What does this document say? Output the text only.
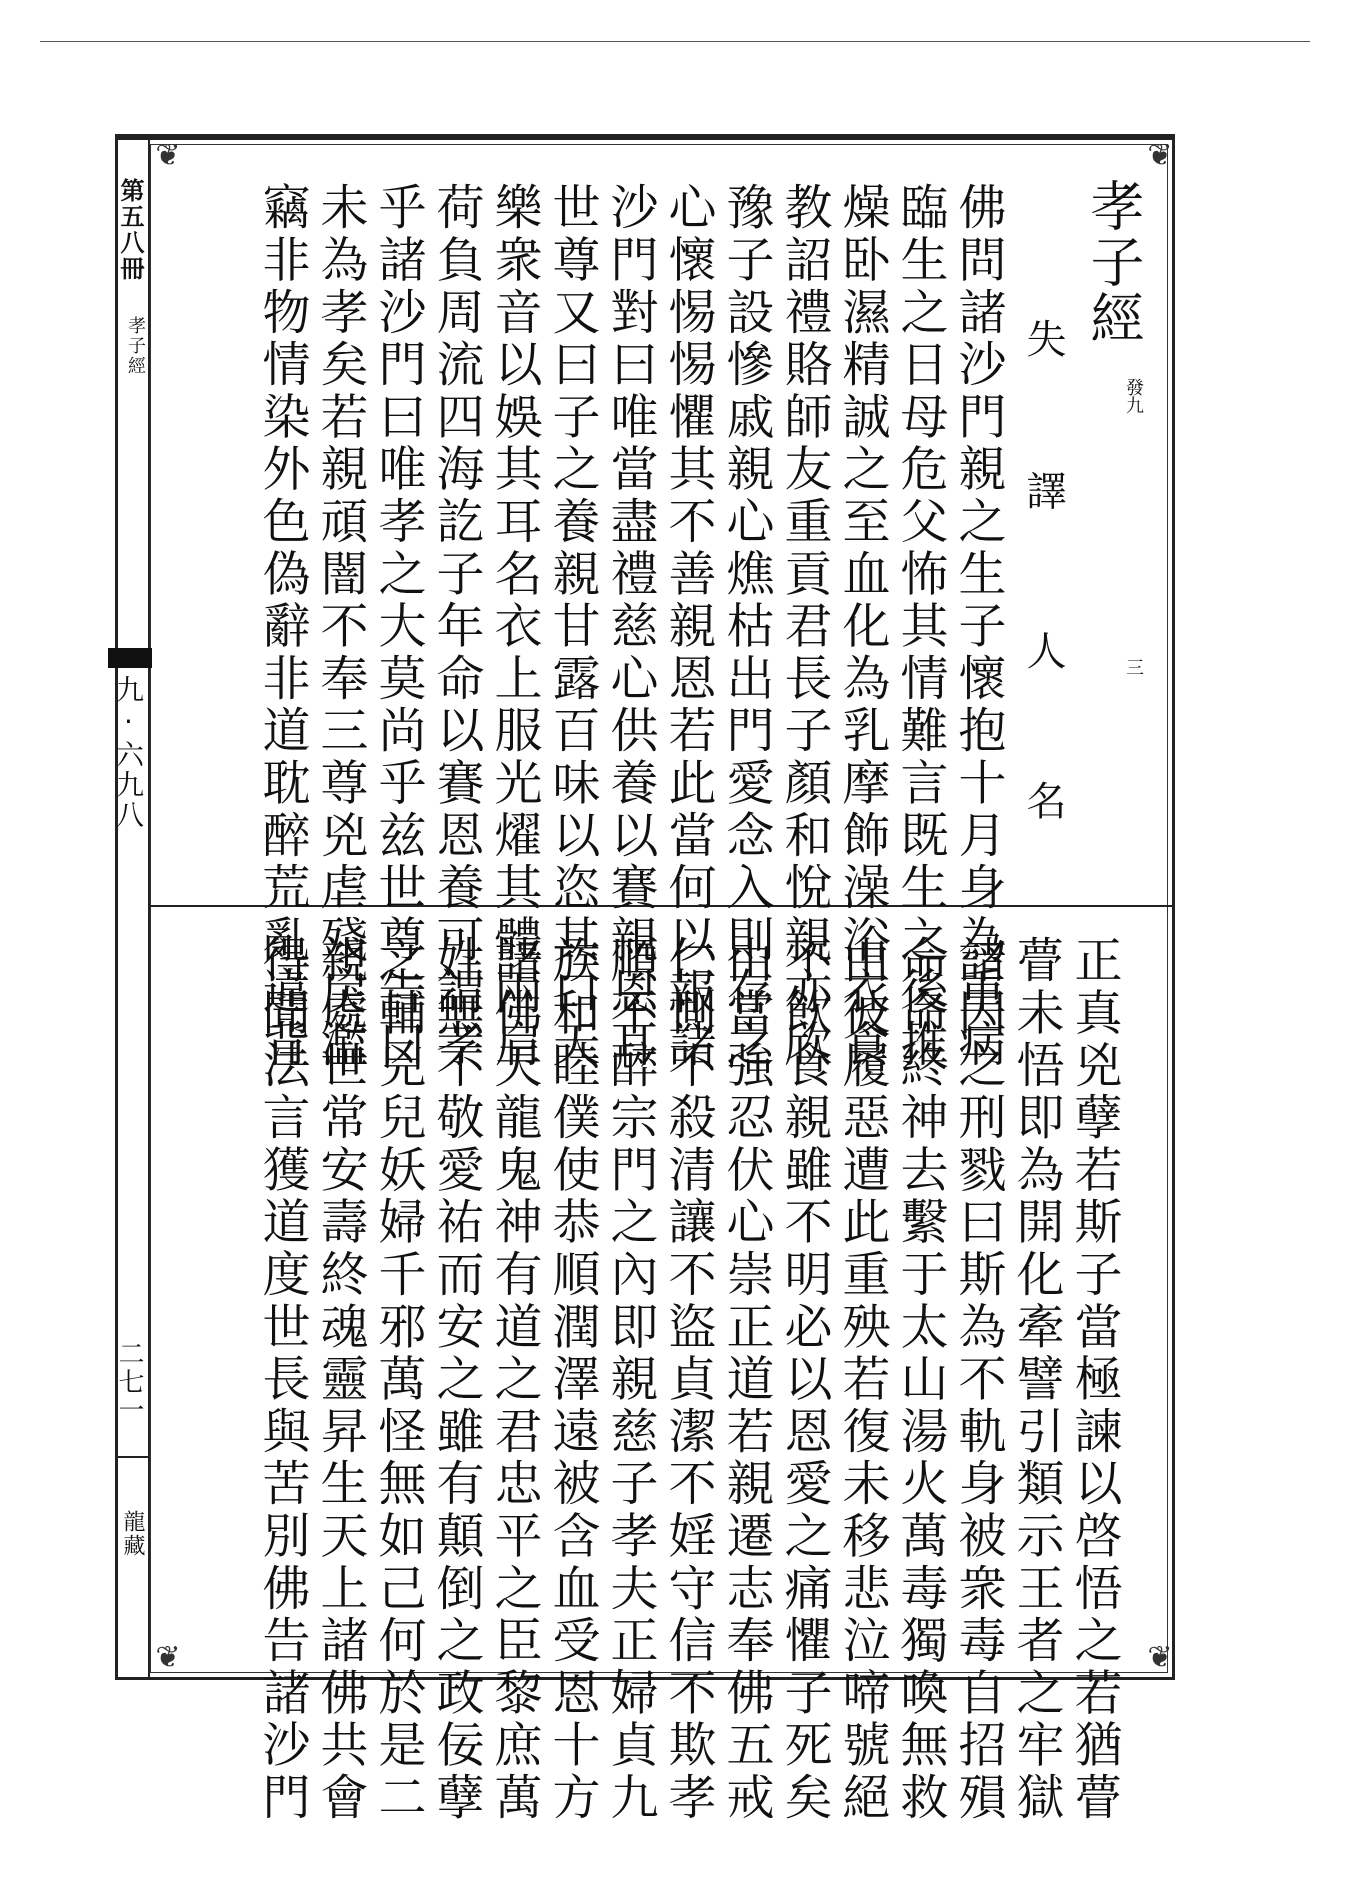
❦
❦
❦
❦
第五八冊
孝子經
九·六九八
二七一
龍藏
孝子經
失
譯
人
名
發九
三
佛問諸沙門親之生子懷抱十月身為重病
臨生之日母危父怖其情難言既生之後推
燥卧濕精誠之至血化為乳摩飾澡浴衣食
教詔禮賂師友重貢君長子顏和悅親亦欣
豫子設慘戚親心燋枯出門愛念入則存之
心懷惕惕懼其不善親恩若此當何以報諸
沙門對曰唯當盡禮慈心供養以賽親恩耳
世尊又曰子之養親甘露百味以恣其口天
樂衆音以娛其耳名衣上服光燿其體兩肩
荷負周流四海訖子年命以賽恩養可謂孝
乎諸沙門曰唯孝之大莫尚乎兹世尊告曰
未為孝矣若親頑闇不奉三尊兇虐殘戾濫
竊非物情染外色偽辭非道耽醉荒亂違背
正真兇孽若斯子當極諫以啓悟之若猶瞢
瞢未悟即為開化牽譬引類示王者之牢獄
諸囚之刑戮曰斯為不軌身被衆毒自招殞
命命終神去繫于太山湯火萬毒獨喚無救
由彼履惡遭此重殃若復未移悲泣啼號絕
不飲食親雖不明必以恩愛之痛懼子死矣
由當強忍伏心崇正道若親遷志奉佛五戒
仁惻不殺清讓不盜貞潔不婬守信不欺孝
順不醉宗門之內即親慈子孝夫正婦貞九
族和睦僕使恭順潤澤遠被含血受恩十方
諸佛天龍鬼神有道之君忠平之臣黎庶萬
姓無不敬愛祐而安之雖有顛倒之政佞孽
之輔兇兒妖婦千邪萬怪無如己何於是二
親處世常安壽終魂靈昇生天上諸佛共會
得聞法言獲道度世長與苦別佛告諸沙門
